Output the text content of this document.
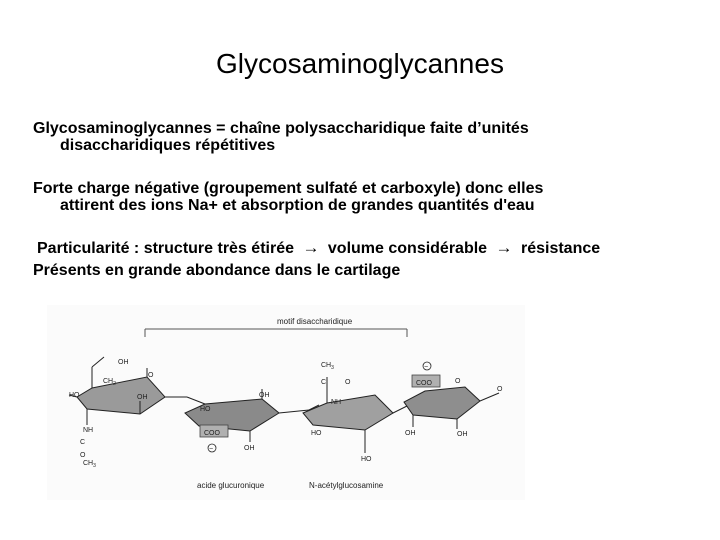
Glycosaminoglycannes
Glycosaminoglycannes = chaîne polysaccharidique faite d’unités
disaccharidiques répétitives
Forte charge négative (groupement sulfaté et carboxyle) donc elles
attirent des ions Na+ et absorption de grandes quantités d'eau
Particularité : structure très étirée → volume considérable → résistance
Présents en grande abondance dans le cartilage
motif disaccharidique
OH
$CH_2$
O
HO	OH
NH
C
O
$CH_3$
HO
OH
OH
COO
−
$CH_3$
C	O
NH
HO
HO
COO
−
O
OH	OH
O
acide glucuronique	N-acétylglucosamine
